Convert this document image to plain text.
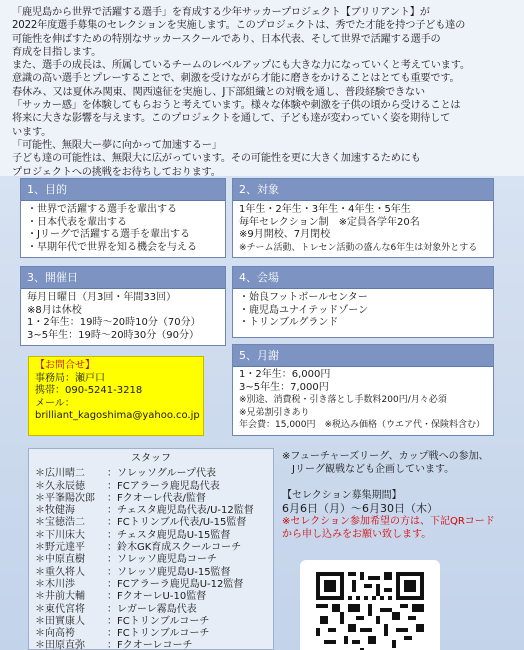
「鹿児島から世界で活躍する選手」を育成する少年サッカープロジェクト【ブリリアント】が

2022年度選手募集のセレクションを実施します。このプロジェクトは、秀でた才能を持つ子ども達の

可能性を伸ばすための特別なサッカースクールであり、日本代表、そして世界で活躍する選手の

育成を目指します。

また、選手の成長は、所属しているチームのレベルアップにも大きな力になっていくと考えています。

意識の高い選手とプレーすることで、刺激を受けながら才能に磨きをかけることはとても重要です。

春休み、又は夏休み関東、関西遠征を実施し、J下部組織との対戦を通し、普段経験できない

「サッカー感」を体験してもらおうと考えています。様々な体験や刺激を子供の頃から受けることは

将来に大きな影響を与えます。このプロジェクトを通して、子ども達が変わっていく姿を期待して

います。

「可能性、無限大ー夢に向かって加速するー」

子ども達の可能性は、無限大に広がっています。その可能性を更に大きく加速するためにも

プロジェクトへの挑戦をお待ちしております。

1、目的
・世界で活躍する選手を輩出する
・日本代表を輩出する
・Jリーグで活躍する選手を輩出する
・早期年代で世界を知る機会を与える
2、対象
1年生・2年生・3年生・4年生・5年生
毎年セレクション制　※定員各学年20名
※9月開校、7月閉校
※チーム活動、トレセン活動の盛んな6年生は対象外とする
3、開催日
毎月日曜日（月3回・年間33回）
※8月は休校
1・2年生：19時～20時10分（70分）
3~5年生：19時～20時30分（90分）
4、会場
・始良フットボールセンター
・鹿児島ユナイテッドゾーン
・トリンブルグランド
【お問合せ】
事務局：瀬戸口
携帯：090-5241-3218
メール：
brilliant_kagoshima@yahoo.co.jp
5、月謝
1・2年生：6,000円
3~5年生：7,000円
※別途、消費税・引き落とし手数料200円/月々必須
※兄弟割引きあり
年会費：15,000円　※税込み価格（ウエア代・保険料含む）
スタッフ
＊広川晴二	：ソレッソグループ代表
＊久永辰徳	：FCアラーラ鹿児島代表
＊平峯陽次郎	：Fクオーレ代表/監督
＊牧健海	：チェスタ鹿児島代表/U-12監督
＊宝徳浩二	：FCトリンブル代表/U-15監督
＊下川床大	：チェスタ鹿児島U-15監督
＊野元達平	：鈴木GK育成スクールコーチ
＊中原直樹	：ソレッソ鹿児島コーチ
＊重久将人	：ソレッソ鹿児島U-15監督
＊木川渉	：FCアラーラ鹿児島U-12監督
＊井前大輔	：FクオーレU-10監督
＊東代宮将	：レガーレ霧島代表
＊田實康人	：FCトリンブルコーチ
＊向高袴	：FCトリンブルコーチ
＊田原直弥	：Fクオーレコーチ
※フューチャーズリーグ、カップ戦への参加、
　Jリーグ観戦なども企画しています。
【セレクション募集期間】
6月6日（月）～6月30日（木）
※セレクション参加希望の方は、下記QRコード
から申し込みをお願い致します。
